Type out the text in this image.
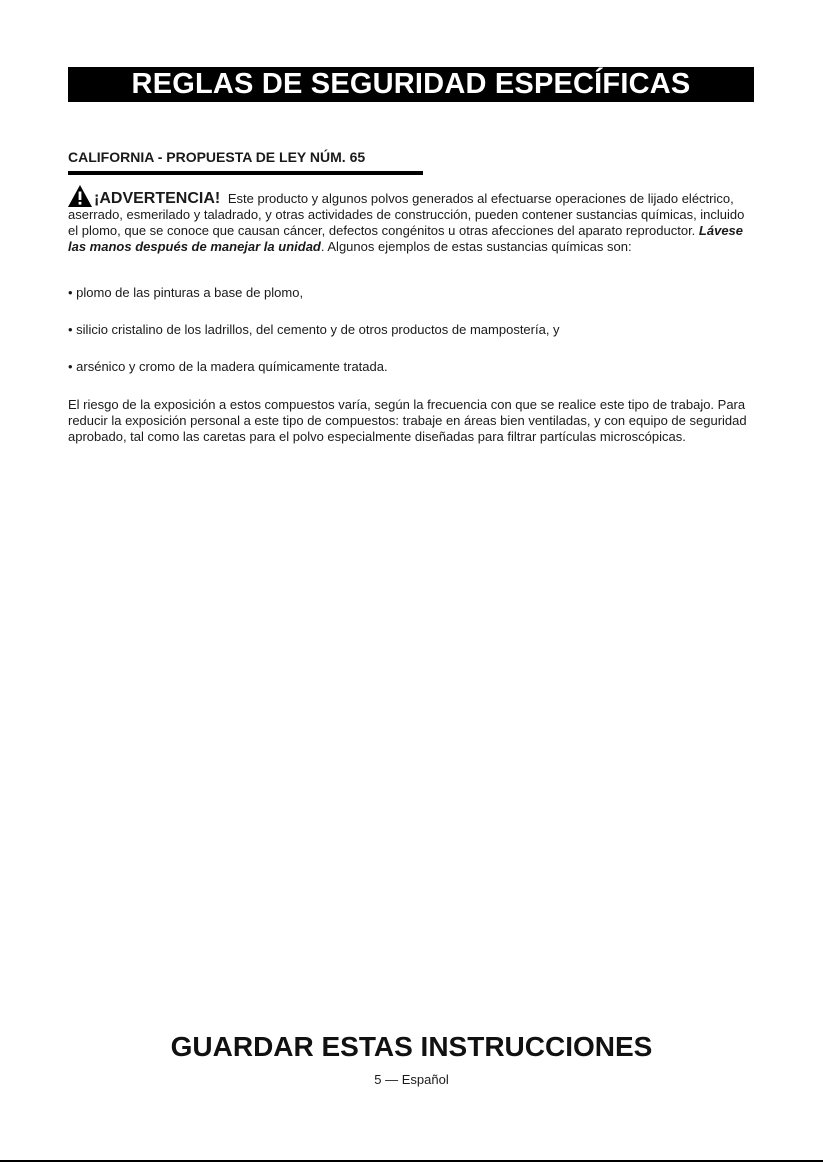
REGLAS DE SEGURIDAD ESPECÍFICAS
CALIFORNIA - PROPUESTA DE LEY NÚM. 65

¡ADVERTENCIA! Este producto y algunos polvos generados al efectuarse operaciones de lijado eléctrico, aserrado, esmerilado y taladrado, y otras actividades de construcción, pueden contener sustancias químicas, incluido el plomo, que se conoce que causan cáncer, defectos congénitos u otras afecciones del aparato reproductor. Lávese las manos después de manejar la unidad. Algunos ejemplos de estas sustancias químicas son:

• plomo de las pinturas a base de plomo,

• silicio cristalino de los ladrillos, del cemento y de otros productos de mampostería, y

• arsénico y cromo de la madera químicamente tratada.

El riesgo de la exposición a estos compuestos varía, según la frecuencia con que se realice este tipo de trabajo. Para reducir la exposición personal a este tipo de compuestos: trabaje en áreas bien ventiladas, y con equipo de seguridad aprobado, tal como las caretas para el polvo especialmente diseñadas para filtrar partículas microscópicas.

GUARDAR ESTAS INSTRUCCIONES
5 — Español
